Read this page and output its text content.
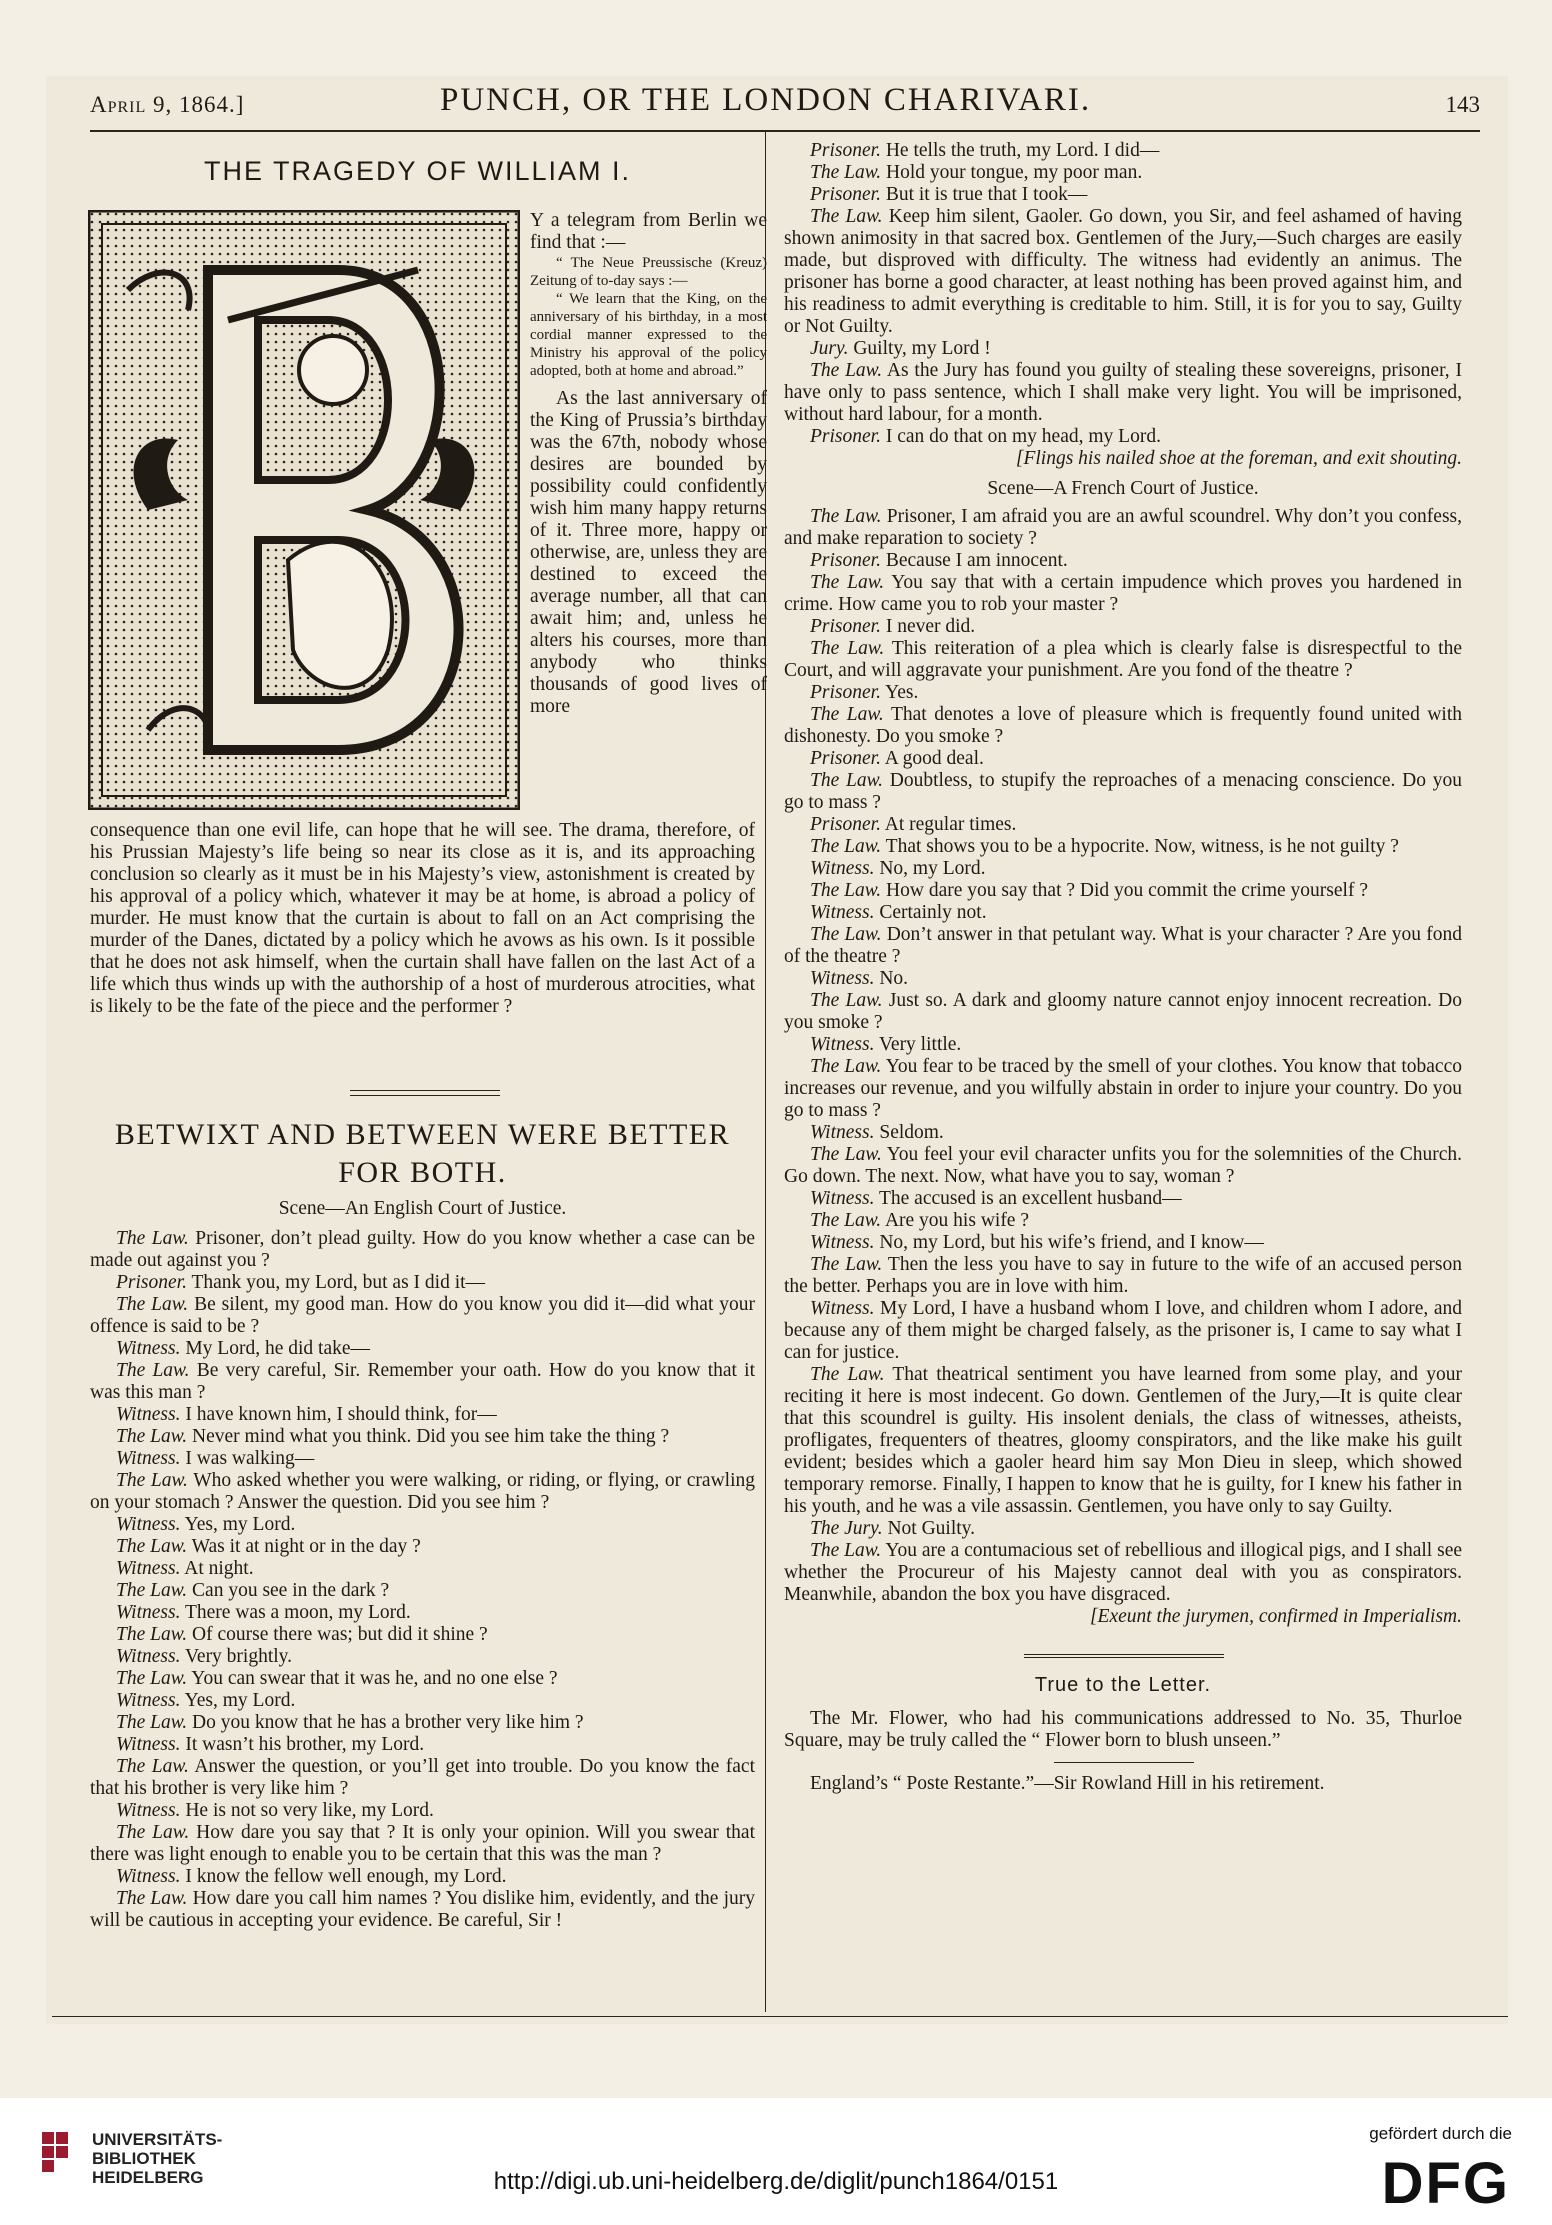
April 9, 1864.]	PUNCH, OR THE LONDON CHARIVARI.	143

THE TRAGEDY OF WILLIAM I.

Y a telegram from Berlin we find that :—

“ The Neue Preussische (Kreuz) Zeitung of to-day says :—

“ We learn that the King, on the anniversary of his birthday, in a most cordial manner expressed to the Ministry his approval of the policy adopted, both at home and abroad.”

As the last anniversary of the King of Prussia’s birthday was the 67th, nobody whose desires are bounded by possibility could confidently wish him many happy returns of it. Three more, happy or otherwise, are, unless they are destined to exceed the average number, all that can await him; and, unless he alters his courses, more than anybody who thinks thousands of good lives of more

consequence than one evil life, can hope that he will see. The drama, therefore, of his Prussian Majesty’s life being so near its close as it is, and its approaching conclusion so clearly as it must be in his Majesty’s view, astonishment is created by his approval of a policy which, whatever it may be at home, is abroad a policy of murder. He must know that the curtain is about to fall on an Act comprising the murder of the Danes, dictated by a policy which he avows as his own. Is it possible that he does not ask himself, when the curtain shall have fallen on the last Act of a life which thus winds up with the authorship of a host of murderous atrocities, what is likely to be the fate of the piece and the performer ?

BETWIXT AND BETWEEN WERE BETTER FOR BOTH.

Scene—An English Court of Justice.

The Law. Prisoner, don’t plead guilty. How do you know whether a case can be made out against you ?

Prisoner. Thank you, my Lord, but as I did it—

The Law. Be silent, my good man. How do you know you did it—did what your offence is said to be ?

Witness. My Lord, he did take—

The Law. Be very careful, Sir. Remember your oath. How do you know that it was this man ?

Witness. I have known him, I should think, for—

The Law. Never mind what you think. Did you see him take the thing ?

Witness. I was walking—

The Law. Who asked whether you were walking, or riding, or flying, or crawling on your stomach ? Answer the question. Did you see him ?

Witness. Yes, my Lord.

The Law. Was it at night or in the day ?

Witness. At night.

The Law. Can you see in the dark ?

Witness. There was a moon, my Lord.

The Law. Of course there was; but did it shine ?

Witness. Very brightly.

The Law. You can swear that it was he, and no one else ?

Witness. Yes, my Lord.

The Law. Do you know that he has a brother very like him ?

Witness. It wasn’t his brother, my Lord.

The Law. Answer the question, or you’ll get into trouble. Do you know the fact that his brother is very like him ?

Witness. He is not so very like, my Lord.

The Law. How dare you say that ? It is only your opinion. Will you swear that there was light enough to enable you to be certain that this was the man ?

Witness. I know the fellow well enough, my Lord.

The Law. How dare you call him names ? You dislike him, evidently, and the jury will be cautious in accepting your evidence. Be careful, Sir !

Prisoner. He tells the truth, my Lord. I did—

The Law. Hold your tongue, my poor man.

Prisoner. But it is true that I took—

The Law. Keep him silent, Gaoler. Go down, you Sir, and feel ashamed of having shown animosity in that sacred box. Gentlemen of the Jury,—Such charges are easily made, but disproved with difficulty. The witness had evidently an animus. The prisoner has borne a good character, at least nothing has been proved against him, and his readiness to admit everything is creditable to him. Still, it is for you to say, Guilty or Not Guilty.

Jury. Guilty, my Lord !

The Law. As the Jury has found you guilty of stealing these sovereigns, prisoner, I have only to pass sentence, which I shall make very light. You will be imprisoned, without hard labour, for a month.

Prisoner. I can do that on my head, my Lord.

[Flings his nailed shoe at the foreman, and exit shouting.

Scene—A French Court of Justice.

The Law. Prisoner, I am afraid you are an awful scoundrel. Why don’t you confess, and make reparation to society ?

Prisoner. Because I am innocent.

The Law. You say that with a certain impudence which proves you hardened in crime. How came you to rob your master ?

Prisoner. I never did.

The Law. This reiteration of a plea which is clearly false is disrespectful to the Court, and will aggravate your punishment. Are you fond of the theatre ?

Prisoner. Yes.

The Law. That denotes a love of pleasure which is frequently found united with dishonesty. Do you smoke ?

Prisoner. A good deal.

The Law. Doubtless, to stupify the reproaches of a menacing conscience. Do you go to mass ?

Prisoner. At regular times.

The Law. That shows you to be a hypocrite. Now, witness, is he not guilty ?

Witness. No, my Lord.

The Law. How dare you say that ? Did you commit the crime yourself ?

Witness. Certainly not.

The Law. Don’t answer in that petulant way. What is your character ? Are you fond of the theatre ?

Witness. No.

The Law. Just so. A dark and gloomy nature cannot enjoy innocent recreation. Do you smoke ?

Witness. Very little.

The Law. You fear to be traced by the smell of your clothes. You know that tobacco increases our revenue, and you wilfully abstain in order to injure your country. Do you go to mass ?

Witness. Seldom.

The Law. You feel your evil character unfits you for the solemnities of the Church. Go down. The next. Now, what have you to say, woman ?

Witness. The accused is an excellent husband—

The Law. Are you his wife ?

Witness. No, my Lord, but his wife’s friend, and I know—

The Law. Then the less you have to say in future to the wife of an accused person the better. Perhaps you are in love with him.

Witness. My Lord, I have a husband whom I love, and children whom I adore, and because any of them might be charged falsely, as the prisoner is, I came to say what I can for justice.

The Law. That theatrical sentiment you have learned from some play, and your reciting it here is most indecent. Go down. Gentlemen of the Jury,—It is quite clear that this scoundrel is guilty. His insolent denials, the class of witnesses, atheists, profligates, frequenters of theatres, gloomy conspirators, and the like make his guilt evident; besides which a gaoler heard him say Mon Dieu in sleep, which showed temporary remorse. Finally, I happen to know that he is guilty, for I knew his father in his youth, and he was a vile assassin. Gentlemen, you have only to say Guilty.

The Jury. Not Guilty.

The Law. You are a contumacious set of rebellious and illogical pigs, and I shall see whether the Procureur of his Majesty cannot deal with you as conspirators. Meanwhile, abandon the box you have disgraced.

[Exeunt the jurymen, confirmed in Imperialism.

True to the Letter.

The Mr. Flower, who had his communications addressed to No. 35, Thurloe Square, may be truly called the “ Flower born to blush unseen.”

England’s “ Poste Restante.”—Sir Rowland Hill in his retirement.

UNIVERSITÄTS-
BIBLIOTHEK
HEIDELBERG	http://digi.ub.uni-heidelberg.de/diglit/punch1864/0151
gefördert durch die
DFG
